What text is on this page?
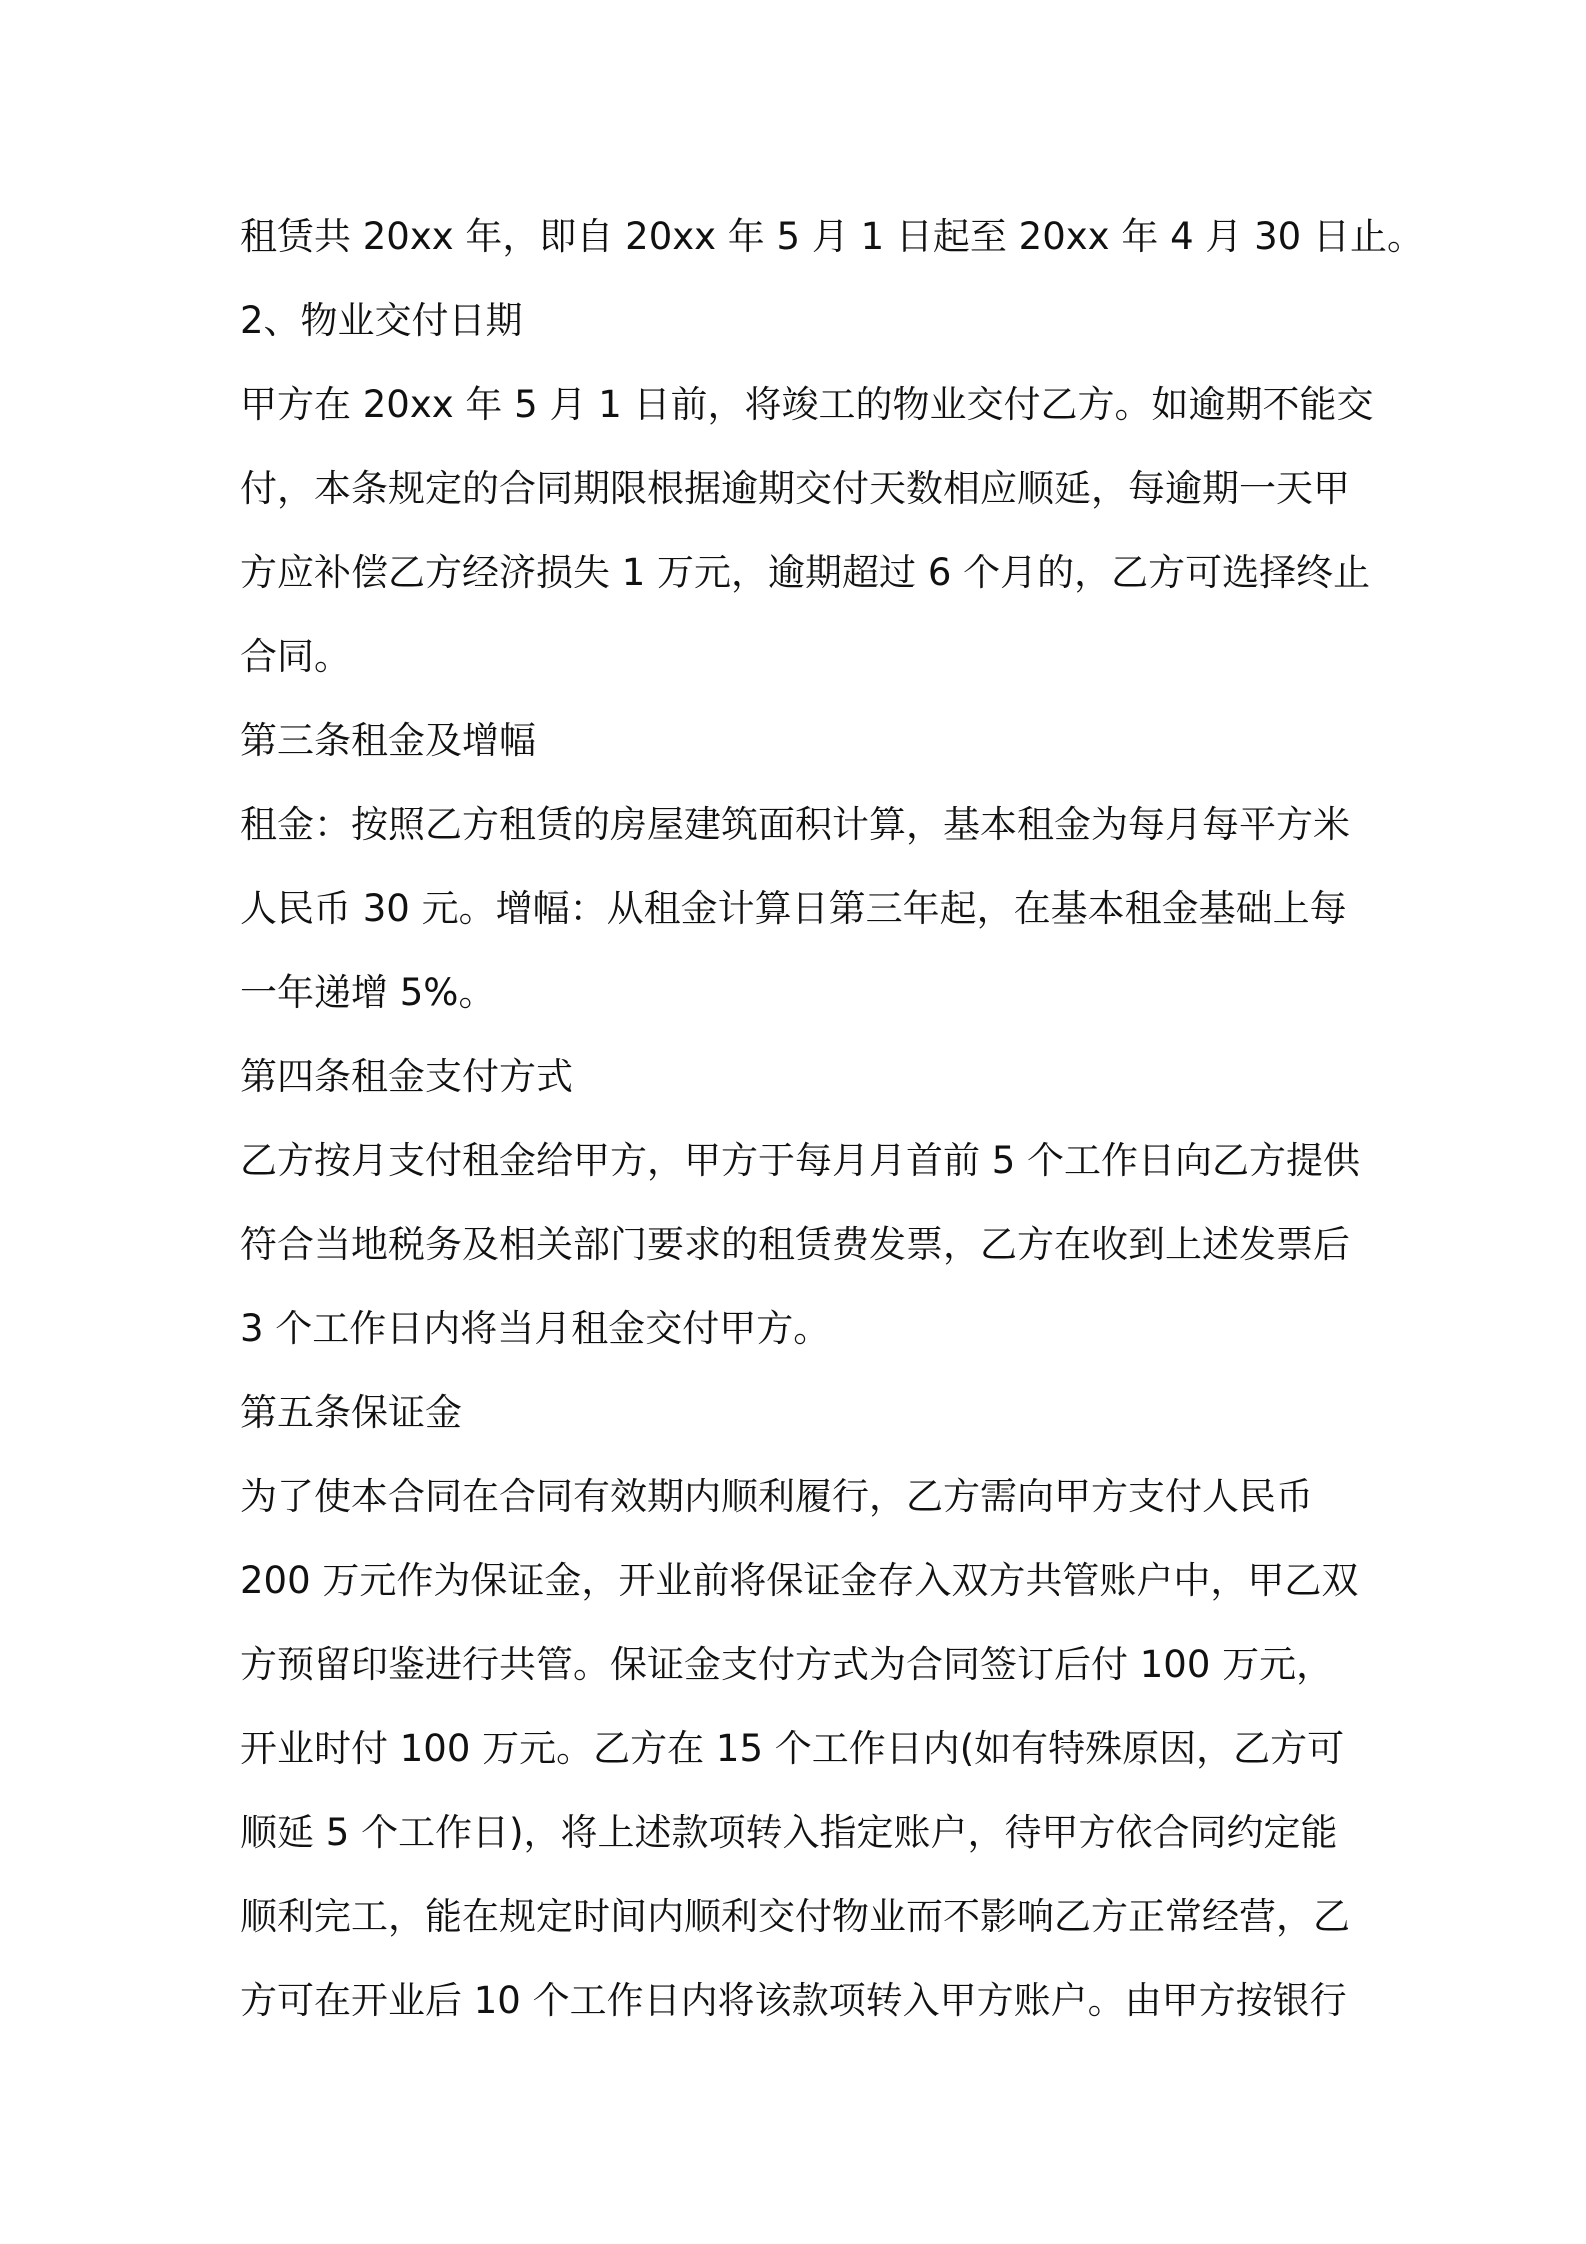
租赁共 20xx 年，即自 20xx 年 5 月 1 日起至 20xx 年 4 月 30 日止。
2、物业交付日期
甲方在 20xx 年 5 月 1 日前，将竣工的物业交付乙方。如逾期不能交
付，本条规定的合同期限根据逾期交付天数相应顺延，每逾期一天甲
方应补偿乙方经济损失 1 万元，逾期超过 6 个月的，乙方可选择终止
合同。
第三条租金及增幅
租金：按照乙方租赁的房屋建筑面积计算，基本租金为每月每平方米
人民币 30 元。增幅：从租金计算日第三年起，在基本租金基础上每
一年递增 5%。
第四条租金支付方式
乙方按月支付租金给甲方，甲方于每月月首前 5 个工作日向乙方提供
符合当地税务及相关部门要求的租赁费发票，乙方在收到上述发票后
3 个工作日内将当月租金交付甲方。
第五条保证金
为了使本合同在合同有效期内顺利履行，乙方需向甲方支付人民币
200 万元作为保证金，开业前将保证金存入双方共管账户中，甲乙双
方预留印鉴进行共管。保证金支付方式为合同签订后付 100 万元，
开业时付 100 万元。乙方在 15 个工作日内(如有特殊原因，乙方可
顺延 5 个工作日)，将上述款项转入指定账户，待甲方依合同约定能
顺利完工，能在规定时间内顺利交付物业而不影响乙方正常经营，乙
方可在开业后 10 个工作日内将该款项转入甲方账户。由甲方按银行
